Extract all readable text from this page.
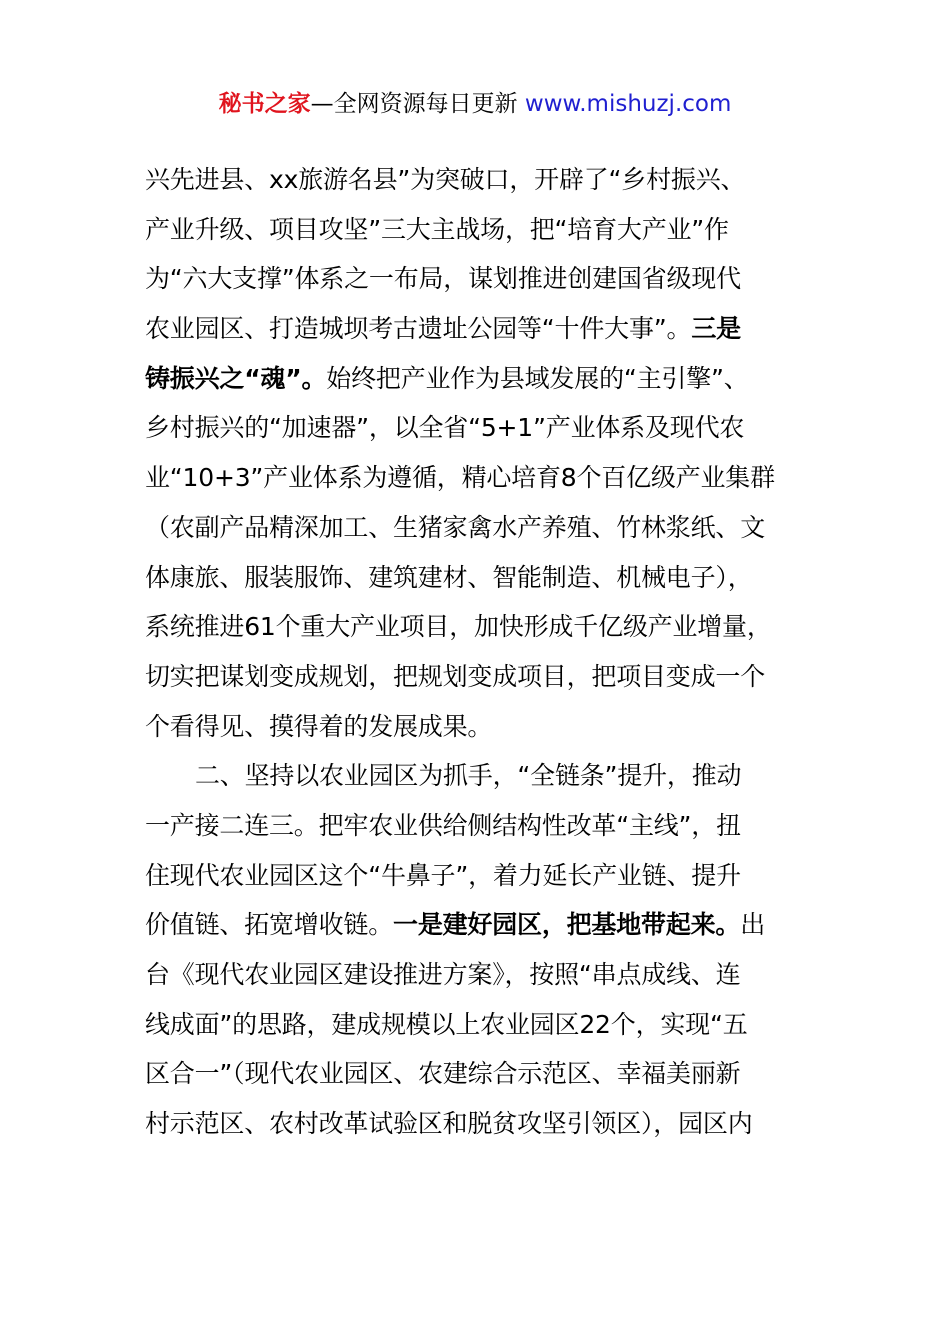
秘书之家—全网资源每日更新 www.mishuzj.com
兴先进县、xx旅游名县”为突破口，开辟了“乡村振兴、
产业升级、项目攻坚”三大主战场，把“培育大产业”作
为“六大支撑”体系之一布局，谋划推进创建国省级现代
农业园区、打造城坝考古遗址公园等“十件大事”。三是
铸振兴之“魂”。始终把产业作为县域发展的“主引擎”、
乡村振兴的“加速器”，以全省“5+1”产业体系及现代农
业“10+3”产业体系为遵循，精心培育8个百亿级产业集群
（农副产品精深加工、生猪家禽水产养殖、竹林浆纸、文
体康旅、服装服饰、建筑建材、智能制造、机械电子），
系统推进61个重大产业项目，加快形成千亿级产业增量，
切实把谋划变成规划，把规划变成项目，把项目变成一个
个看得见、摸得着的发展成果。
二、坚持以农业园区为抓手，“全链条”提升，推动
一产接二连三。把牢农业供给侧结构性改革“主线”，扭
住现代农业园区这个“牛鼻子”，着力延长产业链、提升
价值链、拓宽增收链。一是建好园区，把基地带起来。出
台《现代农业园区建设推进方案》，按照“串点成线、连
线成面”的思路，建成规模以上农业园区22个，实现“五
区合一”（现代农业园区、农建综合示范区、幸福美丽新
村示范区、农村改革试验区和脱贫攻坚引领区），园区内
